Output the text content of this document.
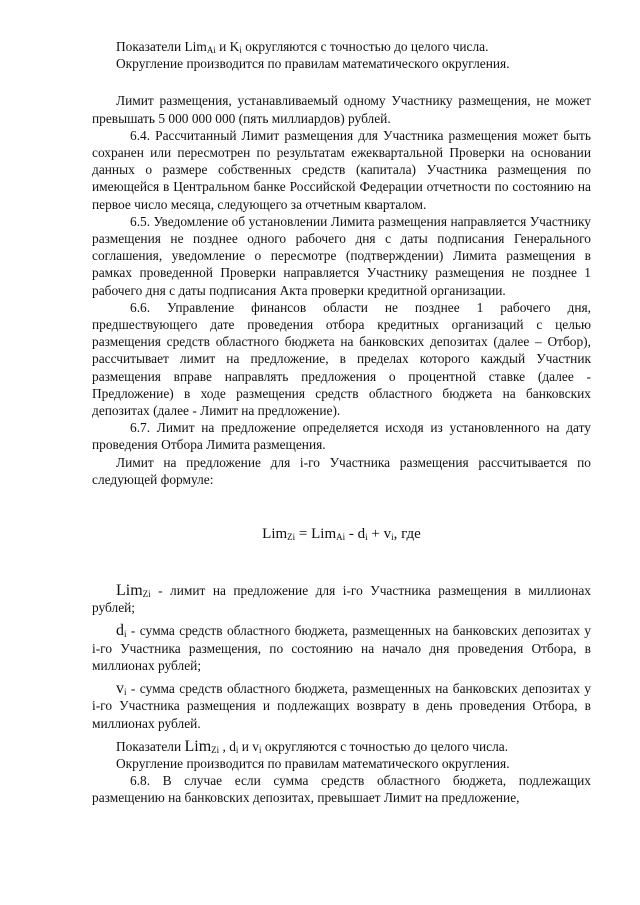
Показатели Lim$_{Ai}$ и $K_i$ округляются с точностью до целого числа.

Округление производится по правилам математического округления.

Лимит размещения, устанавливаемый одному Участнику размещения, не может превышать 5 000 000 000 (пять миллиардов) рублей.

6.4. Рассчитанный Лимит размещения для Участника размещения может быть сохранен или пересмотрен по результатам ежеквартальной Проверки на основании данных о размере собственных средств (капитала) Участника размещения по имеющейся в Центральном банке Российской Федерации отчетности по состоянию на первое число месяца, следующего за отчетным кварталом.

6.5. Уведомление об установлении Лимита размещения направляется Участнику размещения не позднее одного рабочего дня с даты подписания Генерального соглашения, уведомление о пересмотре (подтверждении) Лимита размещения в рамках проведенной Проверки направляется Участнику размещения не позднее 1 рабочего дня с даты подписания Акта проверки кредитной организации.

6.6. Управление финансов области не позднее 1 рабочего дня, предшествующего дате проведения отбора кредитных организаций с целью размещения средств областного бюджета на банковских депозитах (далее – Отбор), рассчитывает лимит на предложение, в пределах которого каждый Участник размещения вправе направлять предложения о процентной ставке (далее - Предложение) в ходе размещения средств областного бюджета на банковских депозитах (далее - Лимит на предложение).

6.7. Лимит на предложение определяется исходя из установленного на дату проведения Отбора Лимита размещения.

Лимит на предложение для i-го Участника размещения рассчитывается по следующей формуле:

$Lim_{Zi} = Lim_{Ai} - d_i + v_i$, где

Lim$_{Zi}$ - лимит на предложение для i-го Участника размещения в миллионах рублей;

$d_i$ - сумма средств областного бюджета, размещенных на банковских депозитах у i-го Участника размещения, по состоянию на начало дня проведения Отбора, в миллионах рублей;

$v_i$ - сумма средств областного бюджета, размещенных на банковских депозитах у i-го Участника размещения и подлежащих возврату в день проведения Отбора, в миллионах рублей.

Показатели Lim$_{Zi}$ , $d_i$ и $v_i$ округляются с точностью до целого числа.

Округление производится по правилам математического округления.

6.8. В случае если сумма средств областного бюджета, подлежащих размещению на банковских депозитах, превышает Лимит на предложение,
